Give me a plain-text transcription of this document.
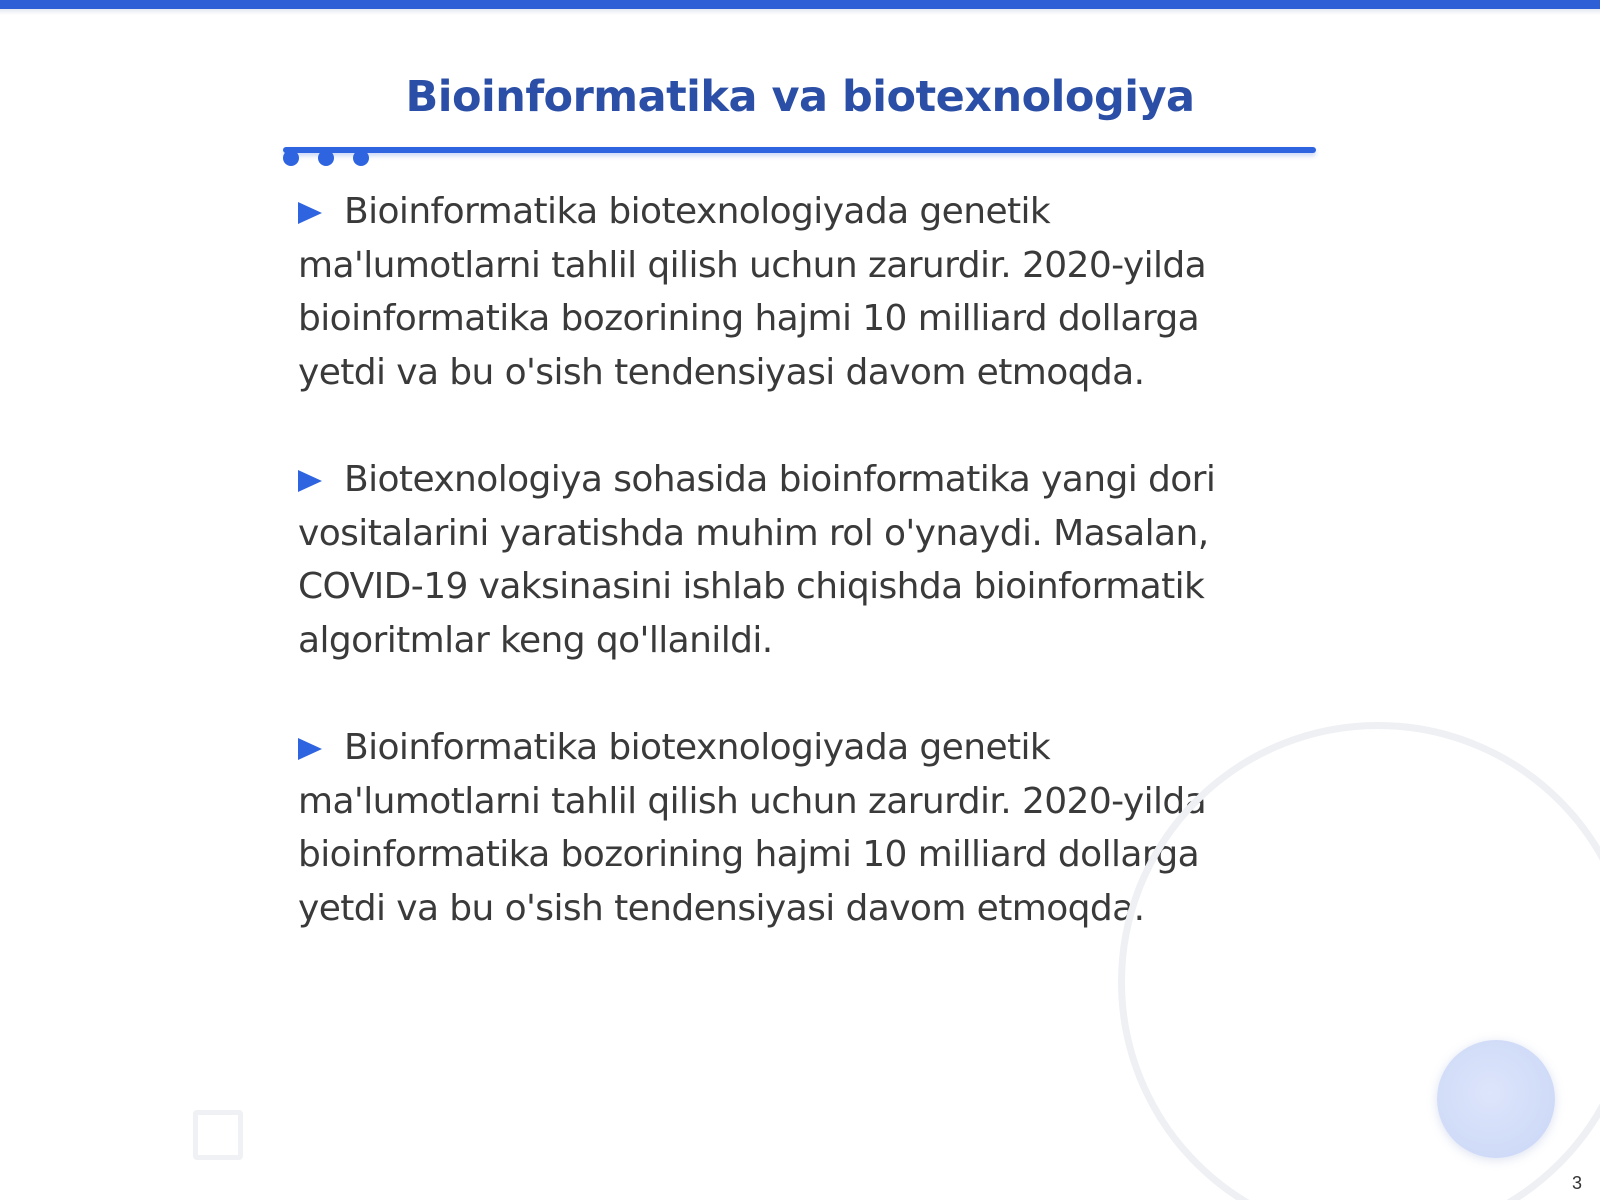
Bioinformatika va biotexnologiya
Bioinformatika biotexnologiyada genetik ma'lumotlarni tahlil qilish uchun zarurdir. 2020-yilda bioinformatika bozorining hajmi 10 milliard dollarga yetdi va bu o'sish tendensiyasi davom etmoqda.
Biotexnologiya sohasida bioinformatika yangi dori vositalarini yaratishda muhim rol o'ynaydi. Masalan, COVID-19 vaksinasini ishlab chiqishda bioinformatik algoritmlar keng qo'llanildi.
Bioinformatika biotexnologiyada genetik ma'lumotlarni tahlil qilish uchun zarurdir. 2020-yilda bioinformatika bozorining hajmi 10 milliard dollarga yetdi va bu o'sish tendensiyasi davom etmoqda.
3
